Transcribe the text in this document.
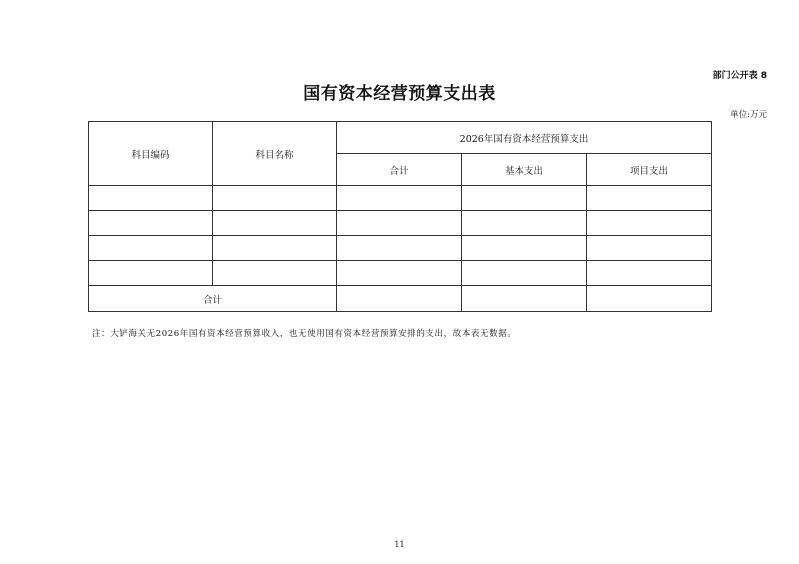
部门公开表 8
国有资本经营预算支出表
单位:万元
科目编码	科目名称	2026年国有资本经营预算支出		
		合计	基本支出	项目支出

合计				
注：大铲海关无2026年国有资本经营预算收入，也无使用国有资本经营预算安排的支出，故本表无数据。
11
